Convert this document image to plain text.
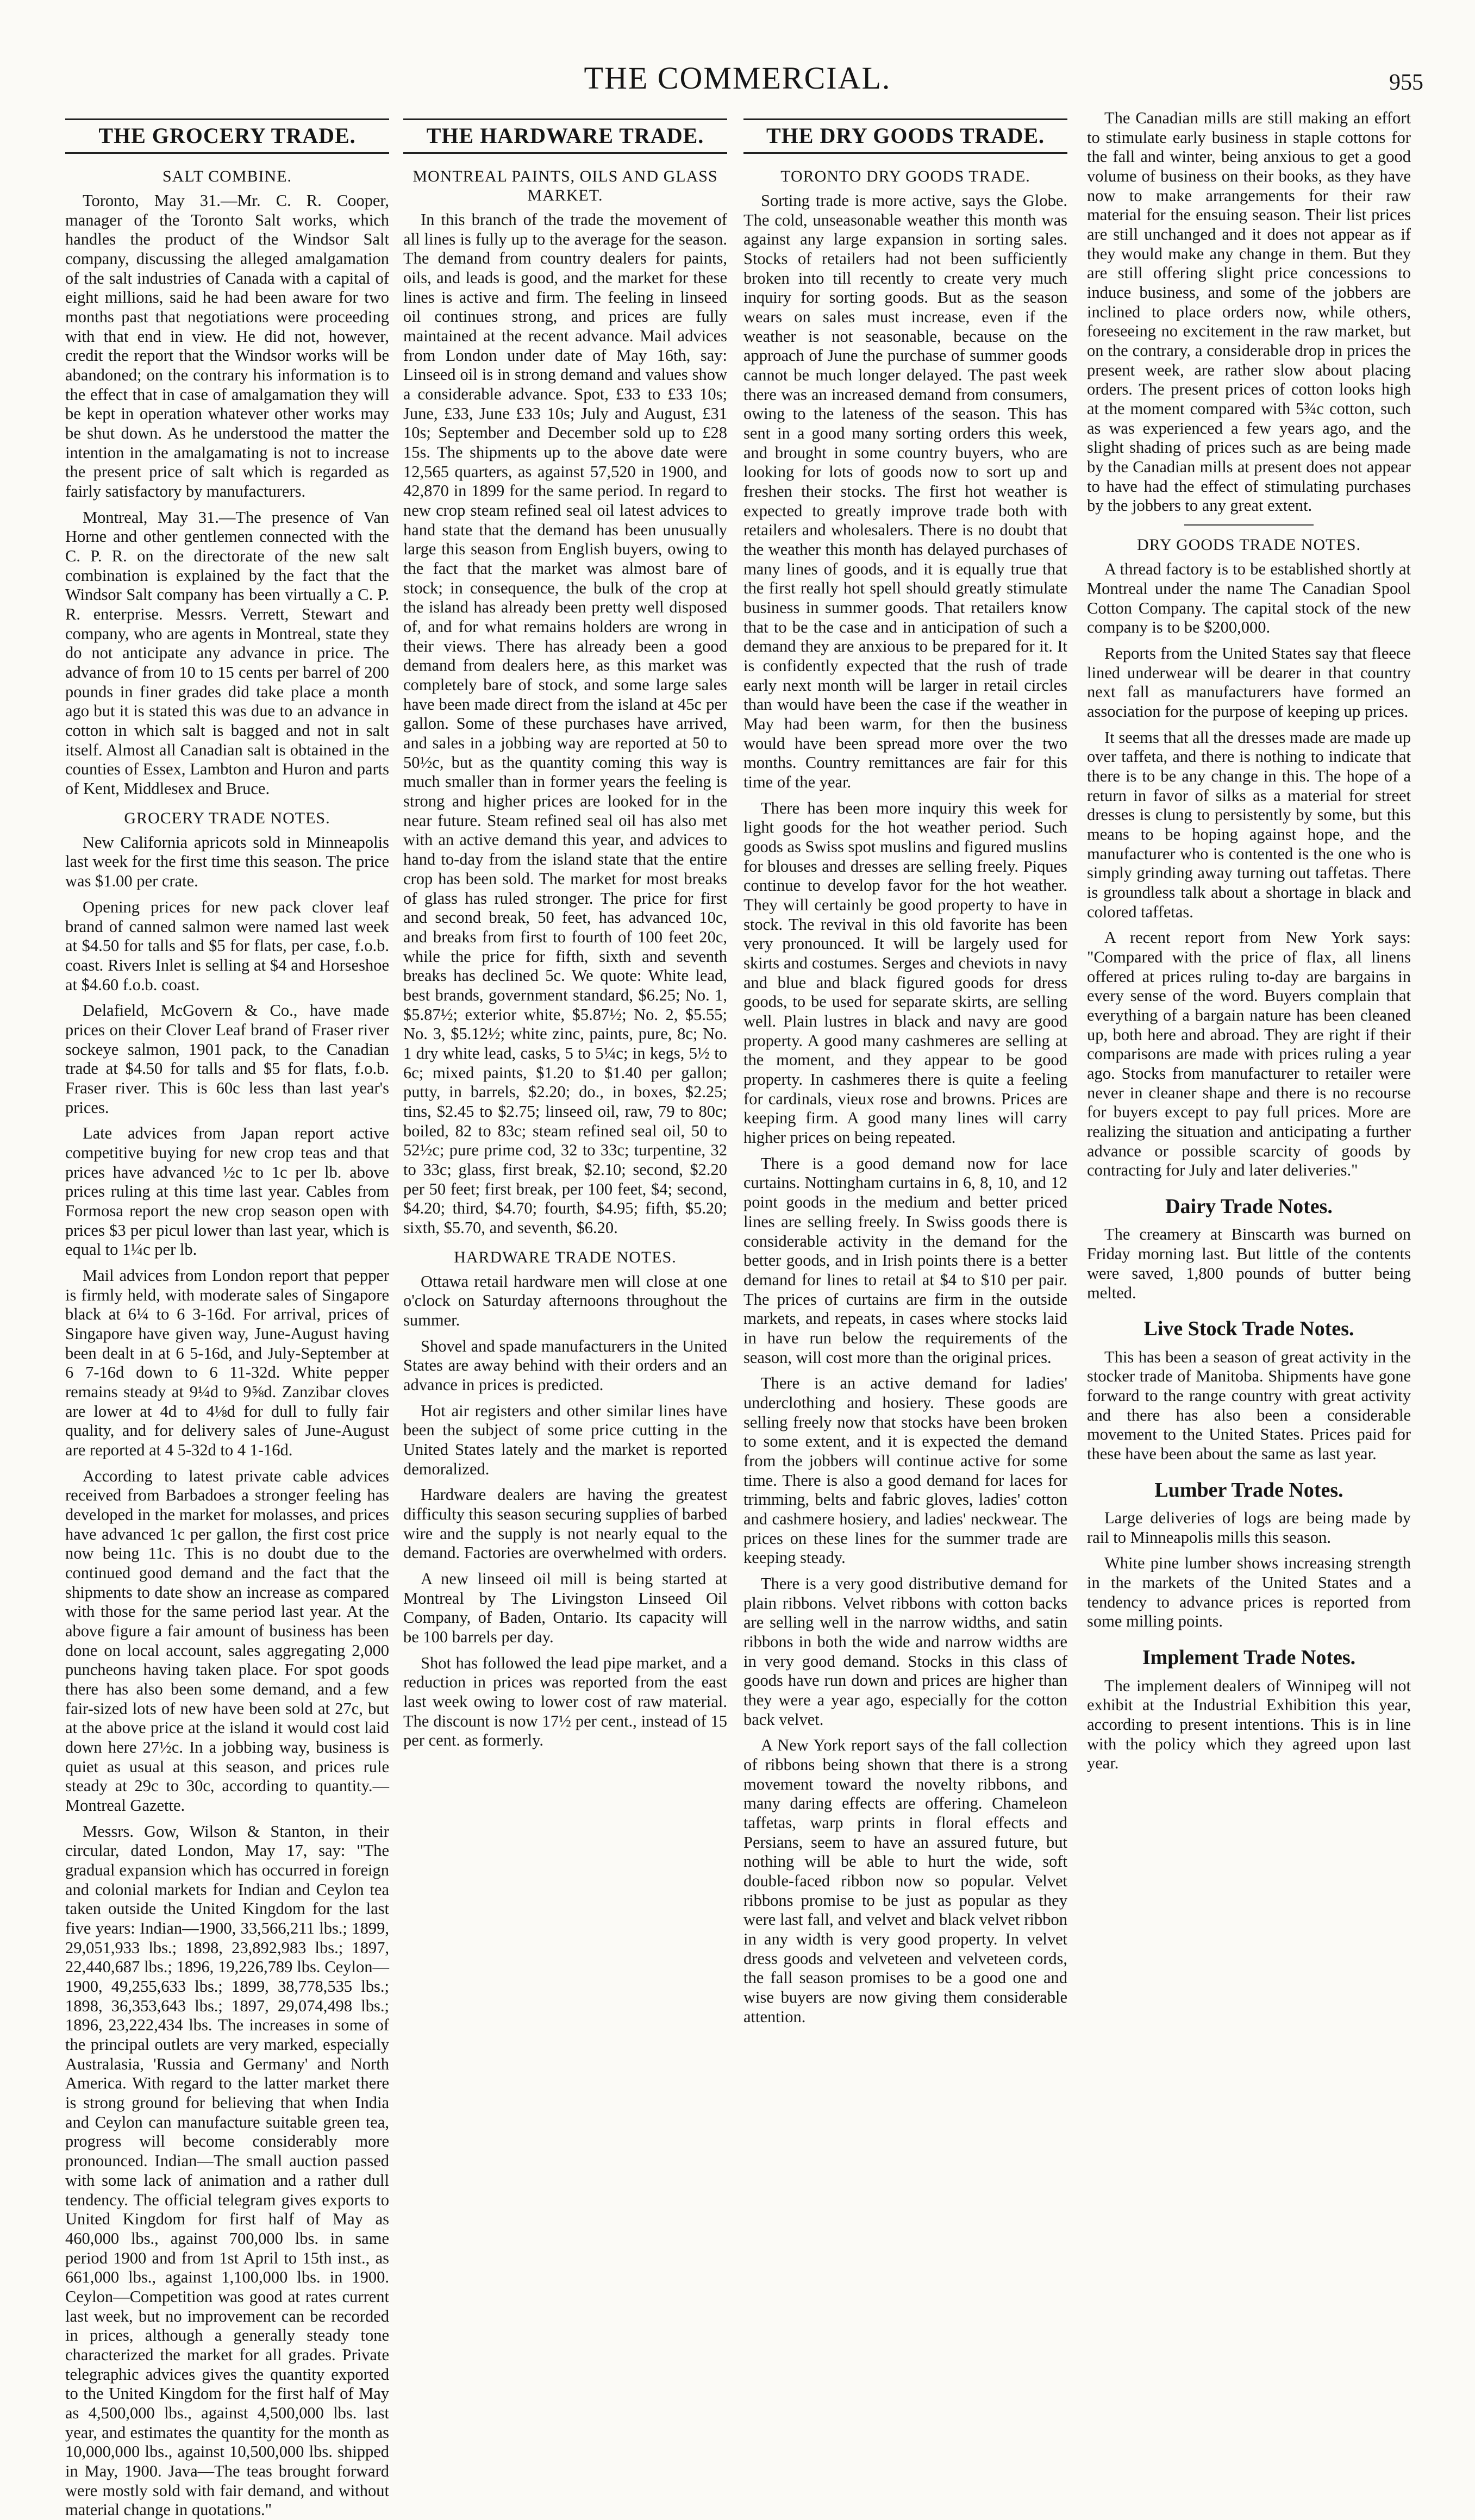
THE COMMERCIAL.	955
THE GROCERY TRADE.
SALT COMBINE.

Toronto, May 31.—Mr. C. R. Cooper, manager of the Toronto Salt works, which handles the product of the Windsor Salt company, discussing the alleged amalgamation of the salt industries of Canada with a capital of eight millions, said he had been aware for two months past that negotiations were proceeding with that end in view. He did not, however, credit the report that the Windsor works will be abandoned; on the contrary his information is to the effect that in case of amalgamation they will be kept in operation whatever other works may be shut down. As he understood the matter the intention in the amalgamating is not to increase the present price of salt which is regarded as fairly satisfactory by manufacturers.

Montreal, May 31.—The presence of Van Horne and other gentlemen connected with the C. P. R. on the directorate of the new salt combination is explained by the fact that the Windsor Salt company has been virtually a C. P. R. enterprise. Messrs. Verrett, Stewart and company, who are agents in Montreal, state they do not anticipate any advance in price. The advance of from 10 to 15 cents per barrel of 200 pounds in finer grades did take place a month ago but it is stated this was due to an advance in cotton in which salt is bagged and not in salt itself. Almost all Canadian salt is obtained in the counties of Essex, Lambton and Huron and parts of Kent, Middlesex and Bruce.

GROCERY TRADE NOTES.

New California apricots sold in Minneapolis last week for the first time this season. The price was $1.00 per crate.

Opening prices for new pack clover leaf brand of canned salmon were named last week at $4.50 for talls and $5 for flats, per case, f.o.b. coast. Rivers Inlet is selling at $4 and Horseshoe at $4.60 f.o.b. coast.

Delafield, McGovern & Co., have made prices on their Clover Leaf brand of Fraser river sockeye salmon, 1901 pack, to the Canadian trade at $4.50 for talls and $5 for flats, f.o.b. Fraser river. This is 60c less than last year's prices.

Late advices from Japan report active competitive buying for new crop teas and that prices have advanced ½c to 1c per lb. above prices ruling at this time last year. Cables from Formosa report the new crop season open with prices $3 per picul lower than last year, which is equal to 1¼c per lb.

Mail advices from London report that pepper is firmly held, with moderate sales of Singapore black at 6¼ to 6 3-16d. For arrival, prices of Singapore have given way, June-August having been dealt in at 6 5-16d, and July-September at 6 7-16d down to 6 11-32d. White pepper remains steady at 9¼d to 9⅝d. Zanzibar cloves are lower at 4d to 4⅛d for dull to fully fair quality, and for delivery sales of June-August are reported at 4 5-32d to 4 1-16d.

According to latest private cable advices received from Barbadoes a stronger feeling has developed in the market for molasses, and prices have advanced 1c per gallon, the first cost price now being 11c. This is no doubt due to the continued good demand and the fact that the shipments to date show an increase as compared with those for the same period last year. At the above figure a fair amount of business has been done on local account, sales aggregating 2,000 puncheons having taken place. For spot goods there has also been some demand, and a few fair-sized lots of new have been sold at 27c, but at the above price at the island it would cost laid down here 27½c. In a jobbing way, business is quiet as usual at this season, and prices rule steady at 29c to 30c, according to quantity.—Montreal Gazette.

Messrs. Gow, Wilson & Stanton, in their circular, dated London, May 17, say: "The gradual expansion which has occurred in foreign and colonial markets for Indian and Ceylon tea taken outside the United Kingdom for the last five years: Indian—1900, 33,566,211 lbs.; 1899, 29,051,933 lbs.; 1898, 23,892,983 lbs.; 1897, 22,440,687 lbs.; 1896, 19,226,789 lbs. Ceylon—1900, 49,255,633 lbs.; 1899, 38,778,535 lbs.; 1898, 36,353,643 lbs.; 1897, 29,074,498 lbs.; 1896, 23,222,434 lbs. The increases in some of the principal outlets are very marked, especially Australasia, 'Russia and Germany' and North America. With regard to the latter market there is strong ground for believing that when India and Ceylon can manufacture suitable green tea, progress will become considerably more pronounced. Indian—The small auction passed with some lack of animation and a rather dull tendency. The official telegram gives exports to United Kingdom for first half of May as 460,000 lbs., against 700,000 lbs. in same period 1900 and from 1st April to 15th inst., as 661,000 lbs., against 1,100,000 lbs. in 1900. Ceylon—Competition was good at rates current last week, but no improvement can be recorded in prices, although a generally steady tone characterized the market for all grades. Private telegraphic advices gives the quantity exported to the United Kingdom for the first half of May as 4,500,000 lbs., against 4,500,000 lbs. last year, and estimates the quantity for the month as 10,000,000 lbs., against 10,500,000 lbs. shipped in May, 1900. Java—The teas brought forward were mostly sold with fair demand, and without material change in quotations."

THE HARDWARE TRADE.
MONTREAL PAINTS, OILS AND GLASS MARKET.

In this branch of the trade the movement of all lines is fully up to the average for the season. The demand from country dealers for paints, oils, and leads is good, and the market for these lines is active and firm. The feeling in linseed oil continues strong, and prices are fully maintained at the recent advance. Mail advices from London under date of May 16th, say: Linseed oil is in strong demand and values show a considerable advance. Spot, £33 to £33 10s; June, £33, June £33 10s; July and August, £31 10s; September and December sold up to £28 15s. The shipments up to the above date were 12,565 quarters, as against 57,520 in 1900, and 42,870 in 1899 for the same period. In regard to new crop steam refined seal oil latest advices to hand state that the demand has been unusually large this season from English buyers, owing to the fact that the market was almost bare of stock; in consequence, the bulk of the crop at the island has already been pretty well disposed of, and for what remains holders are wrong in their views. There has already been a good demand from dealers here, as this market was completely bare of stock, and some large sales have been made direct from the island at 45c per gallon. Some of these purchases have arrived, and sales in a jobbing way are reported at 50 to 50½c, but as the quantity coming this way is much smaller than in former years the feeling is strong and higher prices are looked for in the near future. Steam refined seal oil has also met with an active demand this year, and advices to hand to-day from the island state that the entire crop has been sold. The market for most breaks of glass has ruled stronger. The price for first and second break, 50 feet, has advanced 10c, and breaks from first to fourth of 100 feet 20c, while the price for fifth, sixth and seventh breaks has declined 5c. We quote: White lead, best brands, government standard, $6.25; No. 1, $5.87½; exterior white, $5.87½; No. 2, $5.55; No. 3, $5.12½; white zinc, paints, pure, 8c; No. 1 dry white lead, casks, 5 to 5¼c; in kegs, 5½ to 6c; mixed paints, $1.20 to $1.40 per gallon; putty, in barrels, $2.20; do., in boxes, $2.25; tins, $2.45 to $2.75; linseed oil, raw, 79 to 80c; boiled, 82 to 83c; steam refined seal oil, 50 to 52½c; pure prime cod, 32 to 33c; turpentine, 32 to 33c; glass, first break, $2.10; second, $2.20 per 50 feet; first break, per 100 feet, $4; second, $4.20; third, $4.70; fourth, $4.95; fifth, $5.20; sixth, $5.70, and seventh, $6.20.

HARDWARE TRADE NOTES.

Ottawa retail hardware men will close at one o'clock on Saturday afternoons throughout the summer.

Shovel and spade manufacturers in the United States are away behind with their orders and an advance in prices is predicted.

Hot air registers and other similar lines have been the subject of some price cutting in the United States lately and the market is reported demoralized.

Hardware dealers are having the greatest difficulty this season securing supplies of barbed wire and the supply is not nearly equal to the demand. Factories are overwhelmed with orders.

A new linseed oil mill is being started at Montreal by The Livingston Linseed Oil Company, of Baden, Ontario. Its capacity will be 100 barrels per day.

Shot has followed the lead pipe market, and a reduction in prices was reported from the east last week owing to lower cost of raw material. The discount is now 17½ per cent., instead of 15 per cent. as formerly.

THE DRY GOODS TRADE.
TORONTO DRY GOODS TRADE.

Sorting trade is more active, says the Globe. The cold, unseasonable weather this month was against any large expansion in sorting sales. Stocks of retailers had not been sufficiently broken into till recently to create very much inquiry for sorting goods. But as the season wears on sales must increase, even if the weather is not seasonable, because on the approach of June the purchase of summer goods cannot be much longer delayed. The past week there was an increased demand from consumers, owing to the lateness of the season. This has sent in a good many sorting orders this week, and brought in some country buyers, who are looking for lots of goods now to sort up and freshen their stocks. The first hot weather is expected to greatly improve trade both with retailers and wholesalers. There is no doubt that the weather this month has delayed purchases of many lines of goods, and it is equally true that the first really hot spell should greatly stimulate business in summer goods. That retailers know that to be the case and in anticipation of such a demand they are anxious to be prepared for it. It is confidently expected that the rush of trade early next month will be larger in retail circles than would have been the case if the weather in May had been warm, for then the business would have been spread more over the two months. Country remittances are fair for this time of the year.

There has been more inquiry this week for light goods for the hot weather period. Such goods as Swiss spot muslins and figured muslins for blouses and dresses are selling freely. Piques continue to develop favor for the hot weather. They will certainly be good property to have in stock. The revival in this old favorite has been very pronounced. It will be largely used for skirts and costumes. Serges and cheviots in navy and blue and black figured goods for dress goods, to be used for separate skirts, are selling well. Plain lustres in black and navy are good property. A good many cashmeres are selling at the moment, and they appear to be good property. In cashmeres there is quite a feeling for cardinals, vieux rose and browns. Prices are keeping firm. A good many lines will carry higher prices on being repeated.

There is a good demand now for lace curtains. Nottingham curtains in 6, 8, 10, and 12 point goods in the medium and better priced lines are selling freely. In Swiss goods there is considerable activity in the demand for the better goods, and in Irish points there is a better demand for lines to retail at $4 to $10 per pair. The prices of curtains are firm in the outside markets, and repeats, in cases where stocks laid in have run below the requirements of the season, will cost more than the original prices.

There is an active demand for ladies' underclothing and hosiery. These goods are selling freely now that stocks have been broken to some extent, and it is expected the demand from the jobbers will continue active for some time. There is also a good demand for laces for trimming, belts and fabric gloves, ladies' cotton and cashmere hosiery, and ladies' neckwear. The prices on these lines for the summer trade are keeping steady.

There is a very good distributive demand for plain ribbons. Velvet ribbons with cotton backs are selling well in the narrow widths, and satin ribbons in both the wide and narrow widths are in very good demand. Stocks in this class of goods have run down and prices are higher than they were a year ago, especially for the cotton back velvet.

A New York report says of the fall collection of ribbons being shown that there is a strong movement toward the novelty ribbons, and many daring effects are offering. Chameleon taffetas, warp prints in floral effects and Persians, seem to have an assured future, but nothing will be able to hurt the wide, soft double-faced ribbon now so popular. Velvet ribbons promise to be just as popular as they were last fall, and velvet and black velvet ribbon in any width is very good property. In velvet dress goods and velveteen and velveteen cords, the fall season promises to be a good one and wise buyers are now giving them considerable attention.

The Canadian mills are still making an effort to stimulate early business in staple cottons for the fall and winter, being anxious to get a good volume of business on their books, as they have now to make arrangements for their raw material for the ensuing season. Their list prices are still unchanged and it does not appear as if they would make any change in them. But they are still offering slight price concessions to induce business, and some of the jobbers are inclined to place orders now, while others, foreseeing no excitement in the raw market, but on the contrary, a considerable drop in prices the present week, are rather slow about placing orders. The present prices of cotton looks high at the moment compared with 5¾c cotton, such as was experienced a few years ago, and the slight shading of prices such as are being made by the Canadian mills at present does not appear to have had the effect of stimulating purchases by the jobbers to any great extent.

DRY GOODS TRADE NOTES.

A thread factory is to be established shortly at Montreal under the name The Canadian Spool Cotton Company. The capital stock of the new company is to be $200,000.

Reports from the United States say that fleece lined underwear will be dearer in that country next fall as manufacturers have formed an association for the purpose of keeping up prices.

It seems that all the dresses made are made up over taffeta, and there is nothing to indicate that there is to be any change in this. The hope of a return in favor of silks as a material for street dresses is clung to persistently by some, but this means to be hoping against hope, and the manufacturer who is contented is the one who is simply grinding away turning out taffetas. There is groundless talk about a shortage in black and colored taffetas.

A recent report from New York says: "Compared with the price of flax, all linens offered at prices ruling to-day are bargains in every sense of the word. Buyers complain that everything of a bargain nature has been cleaned up, both here and abroad. They are right if their comparisons are made with prices ruling a year ago. Stocks from manufacturer to retailer were never in cleaner shape and there is no recourse for buyers except to pay full prices. More are realizing the situation and anticipating a further advance or possible scarcity of goods by contracting for July and later deliveries."

Dairy Trade Notes.

The creamery at Binscarth was burned on Friday morning last. But little of the contents were saved, 1,800 pounds of butter being melted.

Live Stock Trade Notes.

This has been a season of great activity in the stocker trade of Manitoba. Shipments have gone forward to the range country with great activity and there has also been a considerable movement to the United States. Prices paid for these have been about the same as last year.

Lumber Trade Notes.

Large deliveries of logs are being made by rail to Minneapolis mills this season.

White pine lumber shows increasing strength in the markets of the United States and a tendency to advance prices is reported from some milling points.

Implement Trade Notes.

The implement dealers of Winnipeg will not exhibit at the Industrial Exhibition this year, according to present intentions. This is in line with the policy which they agreed upon last year.
